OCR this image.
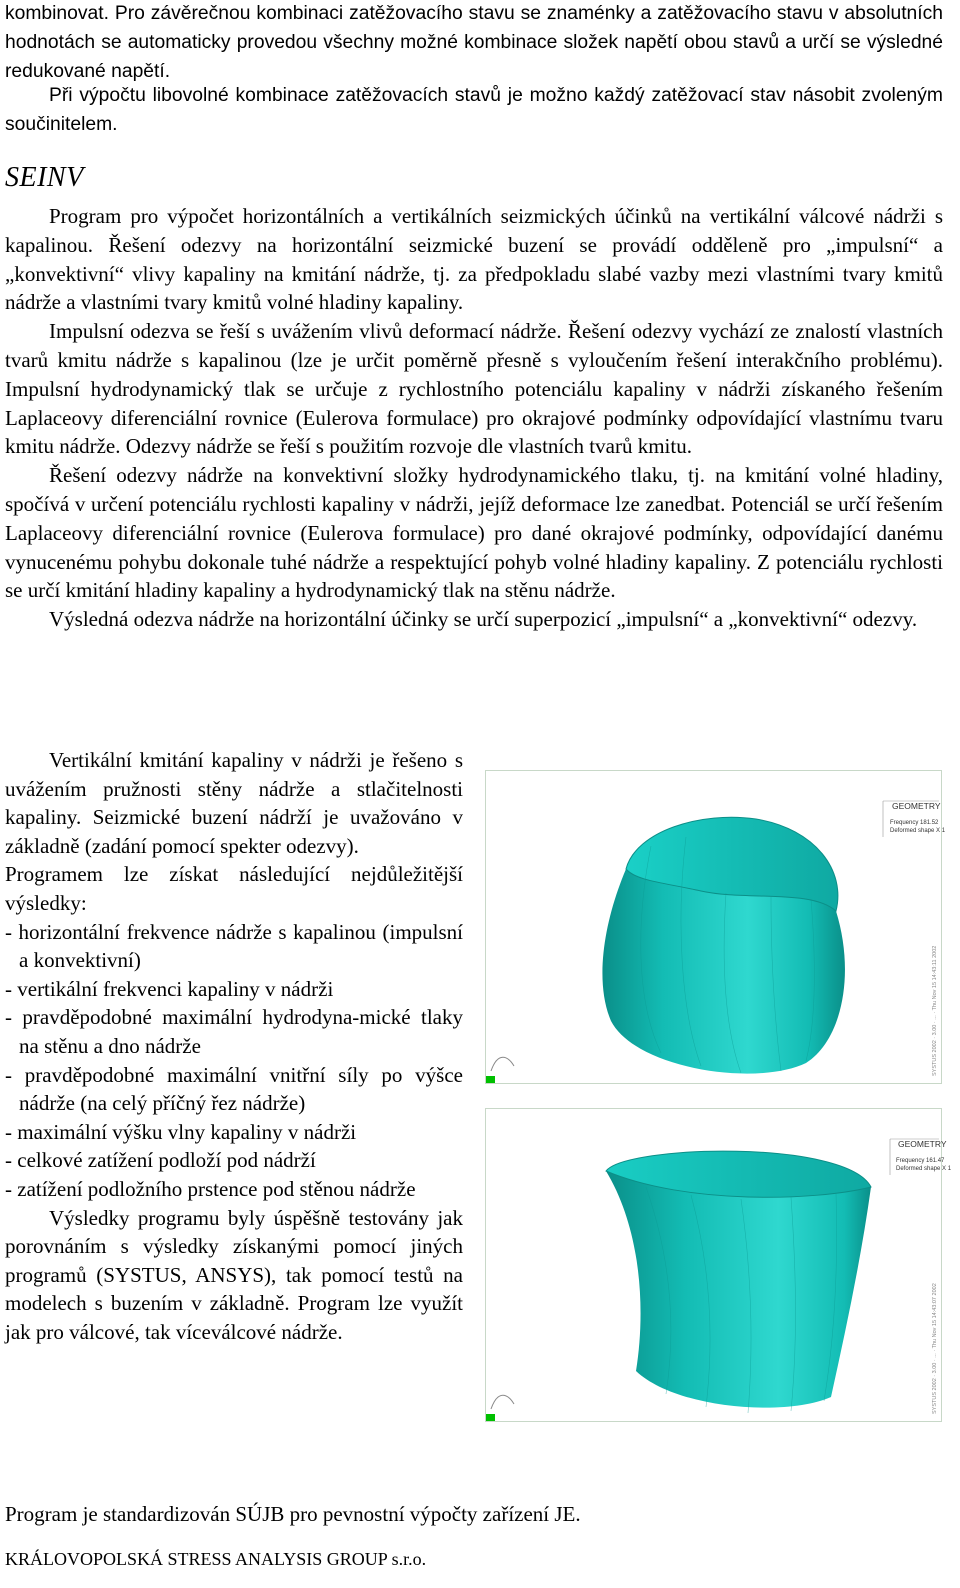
kombinovat. Pro závěrečnou kombinaci zatěžovacího stavu se znaménky a zatěžovacího stavu v absolutních hodnotách se automaticky provedou všechny možné kombinace složek napětí obou stavů a určí se výsledné redukované napětí.

Při výpočtu libovolné kombinace zatěžovacích stavů je možno každý zatěžovací stav násobit zvoleným součinitelem.

SEINV

Program pro výpočet horizontálních a vertikálních seizmických účinků na vertikální válcové nádrži s kapalinou. Řešení odezvy na horizontální seizmické buzení se provádí odděleně pro „impulsní“ a „konvektivní“ vlivy kapaliny na kmitání nádrže, tj. za předpokladu slabé vazby mezi vlastními tvary kmitů nádrže a vlastními tvary kmitů volné hladiny kapaliny.

Impulsní odezva se řeší s uvážením vlivů deformací nádrže. Řešení odezvy vychází ze znalostí vlastních tvarů kmitu nádrže s kapalinou (lze je určit poměrně přesně s vyloučením řešení interakčního problému). Impulsní hydrodynamický tlak se určuje z rychlostního potenciálu kapaliny v nádrži získaného řešením Laplaceovy diferenciální rovnice (Eulerova formulace) pro okrajové podmínky odpovídající vlastnímu tvaru kmitu nádrže. Odezvy nádrže se řeší s použitím rozvoje dle vlastních tvarů kmitu.

Řešení odezvy nádrže na konvektivní složky hydrodynamického tlaku, tj. na kmitání volné hladiny, spočívá v určení potenciálu rychlosti kapaliny v nádrži, jejíž deformace lze zanedbat. Potenciál se určí řešením Laplaceovy diferenciální rovnice (Eulerova formulace) pro dané okrajové podmínky, odpovídající danému vynucenému pohybu dokonale tuhé nádrže a respektující pohyb volné hladiny kapaliny. Z potenciálu rychlosti se určí kmitání hladiny kapaliny a hydrodynamický tlak na stěnu nádrže.

Výsledná odezva nádrže na horizontální účinky se určí superpozicí „impulsní“ a „konvektivní“ odezvy.

Vertikální kmitání kapaliny v nádrži je řešeno s uvážením pružnosti stěny nádrže a stlačitelnosti kapaliny. Seizmické buzení nádrží je uvažováno v základně (zadání pomocí spekter odezvy).

Programem lze získat následující nejdůležitější výsledky:

- horizontální frekvence nádrže s kapalinou (impulsní a konvektivní)
- vertikální frekvenci kapaliny v nádrži
- pravděpodobné maximální hydrodyna-mické tlaky na stěnu a dno nádrže
- pravděpodobné maximální vnitřní síly po výšce nádrže (na celý příčný řez nádrže)
- maximální výšku vlny kapaliny v nádrži
- celkové zatížení podloží pod nádrží
- zatížení podložního prstence pod stěnou nádrže

Výsledky programu byly úspěšně testovány jak porovnáním s výsledky získanými pomocí jiných programů (SYSTUS, ANSYS), tak pomocí testů na modelech s buzením v základně. Program lze využít jak pro válcové, tak víceválcové nádrže.

GEOMETRY
Frequency 181.52
Deformed shape X 1
SYSTUS 2002 · 3.00 · ... · Thu Nov 15 14:43:11 2002
GEOMETRY
Frequency 161.47
Deformed shape X 1
SYSTUS 2002 · 3.00 · ... · Thu Nov 15 14:43:07 2002

Program je standardizován SÚJB pro pevnostní výpočty zařízení JE.

KRÁLOVOPOLSKÁ STRESS ANALYSIS GROUP s.r.o.
